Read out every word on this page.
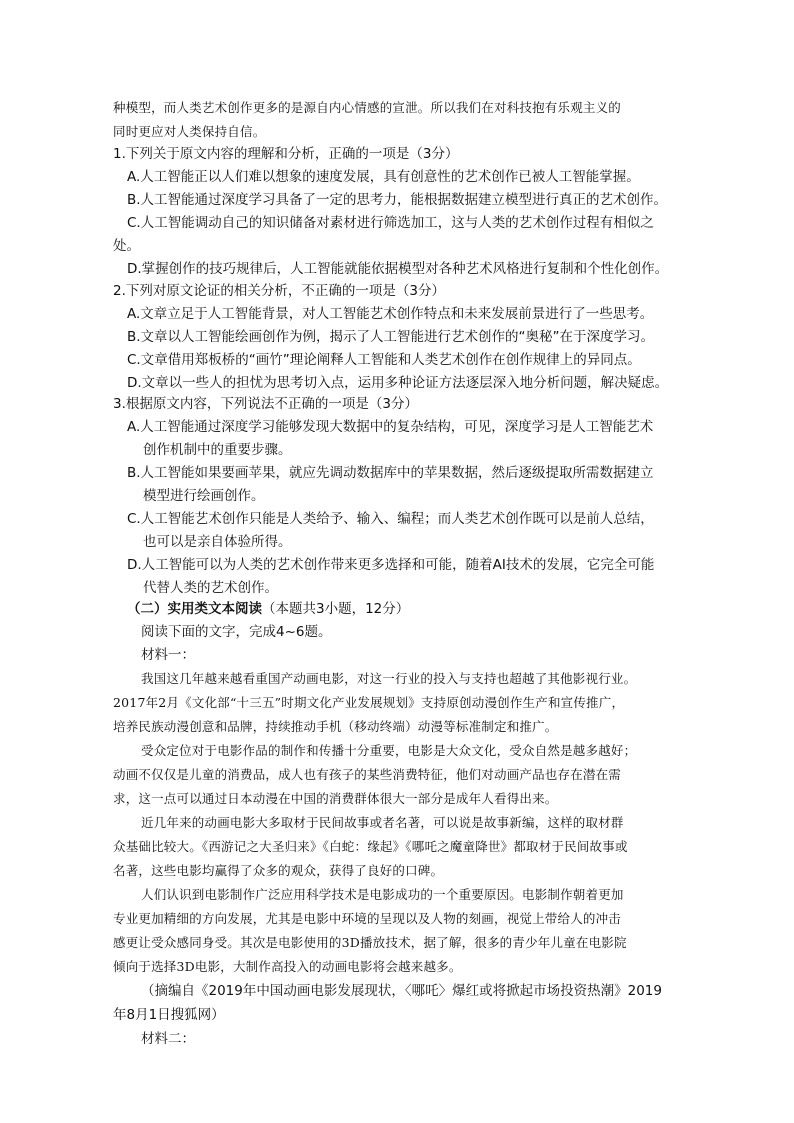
种模型，而人类艺术创作更多的是源自内心情感的宣泄。所以我们在对科技抱有乐观主义的
同时更应对人类保持自信。
1.下列关于原文内容的理解和分析，正确的一项是（3分）
A.人工智能正以人们难以想象的速度发展，具有创意性的艺术创作已被人工智能掌握。
B.人工智能通过深度学习具备了一定的思考力，能根据数据建立模型进行真正的艺术创作。
C.人工智能调动自己的知识储备对素材进行筛选加工，这与人类的艺术创作过程有相似之
处。
D.掌握创作的技巧规律后，人工智能就能依据模型对各种艺术风格进行复制和个性化创作。
2.下列对原文论证的相关分析，不正确的一项是（3分）
A.文章立足于人工智能背景，对人工智能艺术创作特点和未来发展前景进行了一些思考。
B.文章以人工智能绘画创作为例，揭示了人工智能进行艺术创作的“奥秘”在于深度学习。
C.文章借用郑板桥的“画竹”理论阐释人工智能和人类艺术创作在创作规律上的异同点。
D.文章以一些人的担忧为思考切入点，运用多种论证方法逐层深入地分析问题，解决疑虑。
3.根据原文内容，下列说法不正确的一项是（3分）
A.人工智能通过深度学习能够发现大数据中的复杂结构，可见，深度学习是人工智能艺术
创作机制中的重要步骤。
B.人工智能如果要画苹果，就应先调动数据库中的苹果数据，然后逐级提取所需数据建立
模型进行绘画创作。
C.人工智能艺术创作只能是人类给予、输入、编程；而人类艺术创作既可以是前人总结，
也可以是亲自体验所得。
D.人工智能可以为人类的艺术创作带来更多选择和可能，随着AI技术的发展，它完全可能
代替人类的艺术创作。
（二）实用类文本阅读（本题共3小题，12分）
阅读下面的文字，完成4~6题。
材料一：
我国这几年越来越看重国产动画电影，对这一行业的投入与支持也超越了其他影视行业。
2017年2月《文化部“十三五”时期文化产业发展规划》支持原创动漫创作生产和宣传推广，
培养民族动漫创意和品牌，持续推动手机（移动终端）动漫等标准制定和推广。
受众定位对于电影作品的制作和传播十分重要，电影是大众文化，受众自然是越多越好；
动画不仅仅是儿童的消费品，成人也有孩子的某些消费特征，他们对动画产品也存在潜在需
求，这一点可以通过日本动漫在中国的消费群体很大一部分是成年人看得出来。
近几年来的动画电影大多取材于民间故事或者名著，可以说是故事新编，这样的取材群
众基础比较大。《西游记之大圣归来》《白蛇：缘起》《哪吒之魔童降世》都取材于民间故事或
名著，这些电影均赢得了众多的观众，获得了良好的口碑。
人们认识到电影制作广泛应用科学技术是电影成功的一个重要原因。电影制作朝着更加
专业更加精细的方向发展，尤其是电影中环境的呈现以及人物的刻画，视觉上带给人的冲击
感更让受众感同身受。其次是电影使用的3D播放技术，据了解，很多的青少年儿童在电影院
倾向于选择3D电影，大制作高投入的动画电影将会越来越多。
（摘编自《2019年中国动画电影发展现状，〈哪吒〉爆红或将掀起市场投资热潮》2019
年8月1日搜狐网）
材料二：
